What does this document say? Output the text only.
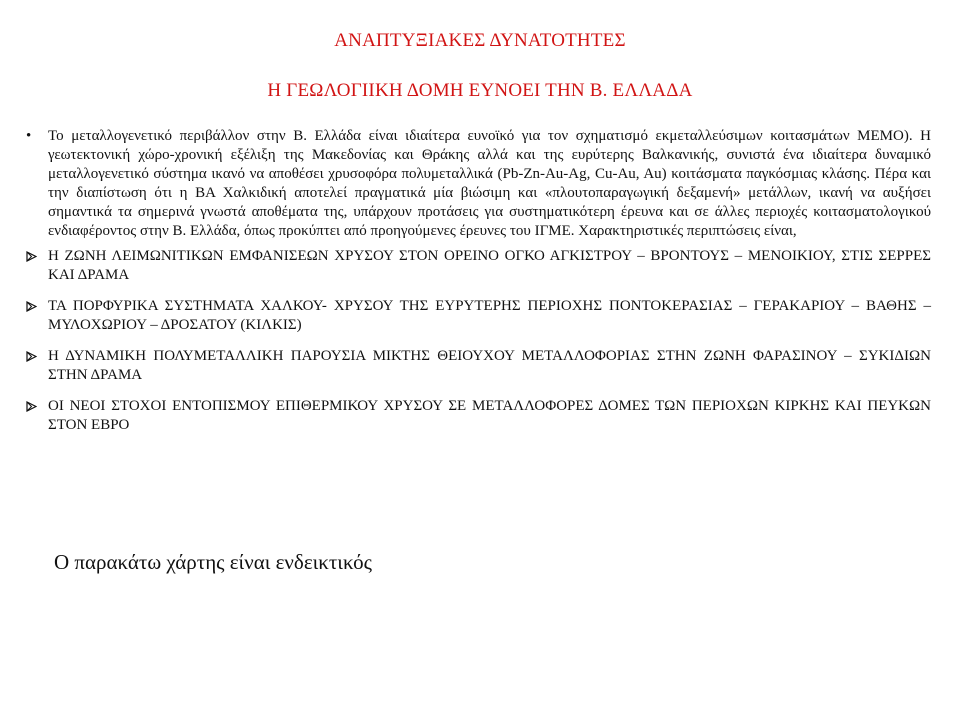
ΑΝΑΠΤΥΞΙΑΚΕΣ ΔΥΝΑΤΟΤΗΤΕΣ
Η ΓΕΩΛΟΓΙΙΚΗ ΔΟΜΗ ΕΥΝΟΕΙ ΤΗΝ Β. ΕΛΛΑΔΑ
•	Το μεταλλογενετικό περιβάλλον στην Β. Ελλάδα είναι ιδιαίτερα ευνοϊκό για τον σχηματισμό εκμεταλλεύσιμων κοιτασμάτων ΜΕΜΟ). Η γεωτεκτονική χώρο-χρονική εξέλιξη της Μακεδονίας και Θράκης αλλά και της ευρύτερης Βαλκανικής, συνιστά ένα ιδιαίτερα δυναμικό μεταλλογενετικό σύστημα ικανό να αποθέσει χρυσοφόρα πολυμεταλλικά (Pb-Zn-Au-Ag, Cu-Au, Au) κοιτάσματα παγκόσμιας κλάσης. Πέρα και την διαπίστωση ότι η ΒΑ Χαλκιδική αποτελεί πραγματικά μία βιώσιμη και «πλουτοπαραγωγική δεξαμενή» μετάλλων, ικανή να αυξήσει σημαντικά τα σημερινά γνωστά αποθέματα της, υπάρχουν προτάσεις για συστηματικότερη έρευνα και σε άλλες περιοχές κοιτασματολογικού ενδιαφέροντος στην Β. Ελλάδα, όπως προκύπτει από προηγούμενες έρευνες του ΙΓΜΕ. Χαρακτηριστικές περιπτώσεις είναι,
Η ΖΩΝΗ ΛΕΙΜΩΝΙΤΙΚΩΝ ΕΜΦΑΝΙΣΕΩΝ ΧΡΥΣΟΥ ΣΤΟΝ ΟΡΕΙΝΟ ΟΓΚΟ ΑΓΚΙΣΤΡΟΥ – ΒΡΟΝΤΟΥΣ – ΜΕΝΟΙΚΙΟΥ, ΣΤΙΣ ΣΕΡΡΕΣ ΚΑΙ ΔΡΑΜΑ
ΤΑ ΠΟΡΦΥΡΙΚΑ ΣΥΣΤΗΜΑΤΑ ΧΑΛΚΟΥ- ΧΡΥΣΟΥ ΤΗΣ ΕΥΡΥΤΕΡΗΣ ΠΕΡΙΟΧΗΣ ΠΟΝΤΟΚΕΡΑΣΙΑΣ – ΓΕΡΑΚΑΡΙΟΥ – ΒΑΘΗΣ – ΜΥΛΟΧΩΡΙΟΥ – ΔΡΟΣΑΤΟΥ (ΚΙΛΚΙΣ)
Η ΔΥΝΑΜΙΚΗ ΠΟΛΥΜΕΤΑΛΛΙΚΗ ΠΑΡΟΥΣΙΑ ΜΙΚΤΗΣ ΘΕΙΟΥΧΟΥ ΜΕΤΑΛΛΟΦΟΡΙΑΣ ΣΤΗΝ ΖΩΝΗ ΦΑΡΑΣΙΝΟΥ – ΣΥΚΙΔΙΩΝ ΣΤΗΝ ΔΡΑΜΑ
ΟΙ ΝΕΟΙ ΣΤΟΧΟΙ ΕΝΤΟΠΙΣΜΟΥ ΕΠΙΘΕΡΜΙΚΟΥ ΧΡΥΣΟΥ ΣΕ ΜΕΤΑΛΛΟΦΟΡΕΣ ΔΟΜΕΣ ΤΩΝ ΠΕΡΙΟΧΩΝ ΚΙΡΚΗΣ ΚΑΙ ΠΕΥΚΩΝ ΣΤΟΝ ΕΒΡΟ
Ο παρακάτω χάρτης είναι ενδεικτικός
